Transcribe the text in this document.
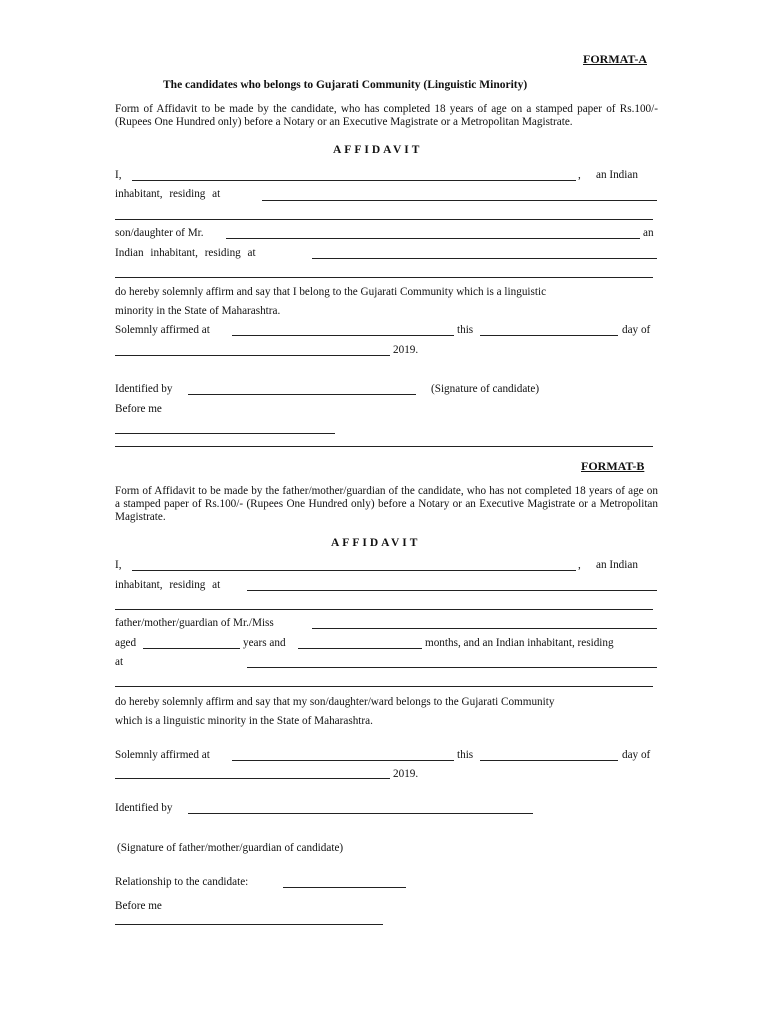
FORMAT-A
The candidates who belongs to Gujarati Community (Linguistic Minority)
Form of Affidavit to be made by the candidate, who has completed 18 years of age on a stamped paper of Rs.100/- (Rupees One Hundred only) before a Notary or an Executive Magistrate or a Metropolitan Magistrate.
AFFIDAVIT
I,	, an Indian
inhabitant, residing at
son/daughter of Mr.	an
Indian inhabitant, residing at
do hereby solemnly affirm and say that I belong to the Gujarati Community which is a linguistic
minority in the State of Maharashtra.
Solemnly affirmed at	this	day of
2019.
Identified by	(Signature of candidate)
Before me
FORMAT-B
Form of Affidavit to be made by the father/mother/guardian of the candidate, who has not completed 18 years of age on a stamped paper of Rs.100/- (Rupees One Hundred only) before a Notary or an Executive Magistrate or a Metropolitan Magistrate.
AFFIDAVIT
I,	, an Indian
inhabitant, residing at
father/mother/guardian of Mr./Miss
aged	years and	months, and an Indian inhabitant, residing
at
do hereby solemnly affirm and say that my son/daughter/ward belongs to the Gujarati Community
which is a linguistic minority in the State of Maharashtra.
Solemnly affirmed at	this	day of
2019.
Identified by
(Signature of father/mother/guardian of candidate)
Relationship to the candidate:
Before me
